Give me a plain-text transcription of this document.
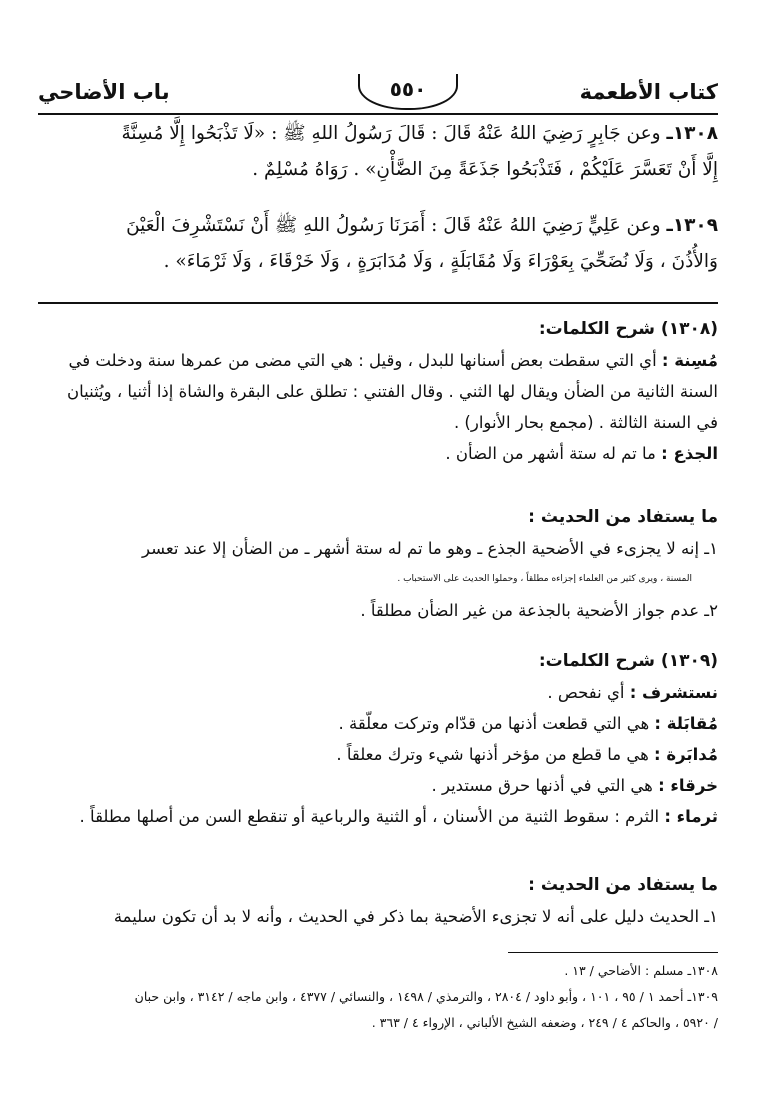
كتاب الأطعمة
٥٥٠
باب الأضاحي
١٣٠٨ـ وعن جَابِرٍ رَضِيَ اللهُ عَنْهُ قَالَ : قَالَ رَسُولُ اللهِ ﷺ : «لَا تَذْبَحُوا إِلَّا مُسِنَّةً
إِلَّا أَنْ تَعَسَّرَ عَلَيْكُمْ ، فَتَذْبَحُوا جَذَعَةً مِنَ الضَّأْنِ» . رَوَاهُ مُسْلِمٌ .
١٣٠٩ـ وعن عَلِيٍّ رَضِيَ اللهُ عَنْهُ قَالَ : أَمَرَنَا رَسُولُ اللهِ ﷺ أَنْ نَسْتَشْرِفَ الْعَيْنَ
وَالأُذُنَ ، وَلَا نُضَحِّيَ بِعَوْرَاءَ وَلَا مُقَابَلَةٍ ، وَلَا مُدَابَرَةٍ ، وَلَا خَرْقَاءَ ، وَلَا ثَرْمَاءَ» .
(١٣٠٨) شرح الكلمات:
مُسِنة : أي التي سقطت بعض أسنانها للبدل ، وقيل : هي التي مضى من عمرها سنة ودخلت في
السنة الثانية من الضأن ويقال لها الثني . وقال الفتني : تطلق على البقرة والشاة إذا أثنيا ، ويُثنيان
في السنة الثالثة . (مجمع بحار الأنوار) .
الجذع : ما تم له ستة أشهر من الضأن .
ما يستفاد من الحديث :
١ـ إنه لا يجزىء في الأضحية الجذع ـ وهو ما تم له ستة أشهر ـ من الضأن إلا عند تعسر
المسنة ، ويرى كثير من العلماء إجزاءه مطلقاً ، وحملوا الحديث على الاستحباب .
٢ـ عدم جواز الأضحية بالجذعة من غير الضأن مطلقاً .
(١٣٠٩) شرح الكلمات:
نستشرف : أي نفحص .
مُقابَلة : هي التي قطعت أذنها من قدّام وتركت معلّقة .
مُدابَرة : هي ما قطع من مؤخر أذنها شيء وترك معلقاً .
خرقاء : هي التي في أذنها حرق مستدير .
ثرماء : الثرم : سقوط الثنية من الأسنان ، أو الثنية والرباعية أو تنقطع السن من أصلها مطلقاً .
ما يستفاد من الحديث :
١ـ الحديث دليل على أنه لا تجزىء الأضحية بما ذكر في الحديث ، وأنه لا بد أن تكون سليمة
١٣٠٨ـ مسلم : الأضاحي / ١٣ .
١٣٠٩ـ أحمد ١ / ٩٥ ، ١٠١ ، وأبو داود / ٢٨٠٤ ، والترمذي / ١٤٩٨ ، والنسائي / ٤٣٧٧ ، وابن ماجه / ٣١٤٢ ، وابن حبان
/ ٥٩٢٠ ، والحاكم ٤ / ٢٤٩ ، وضعفه الشيخ الألباني ، الإرواء ٤ / ٣٦٣ .
